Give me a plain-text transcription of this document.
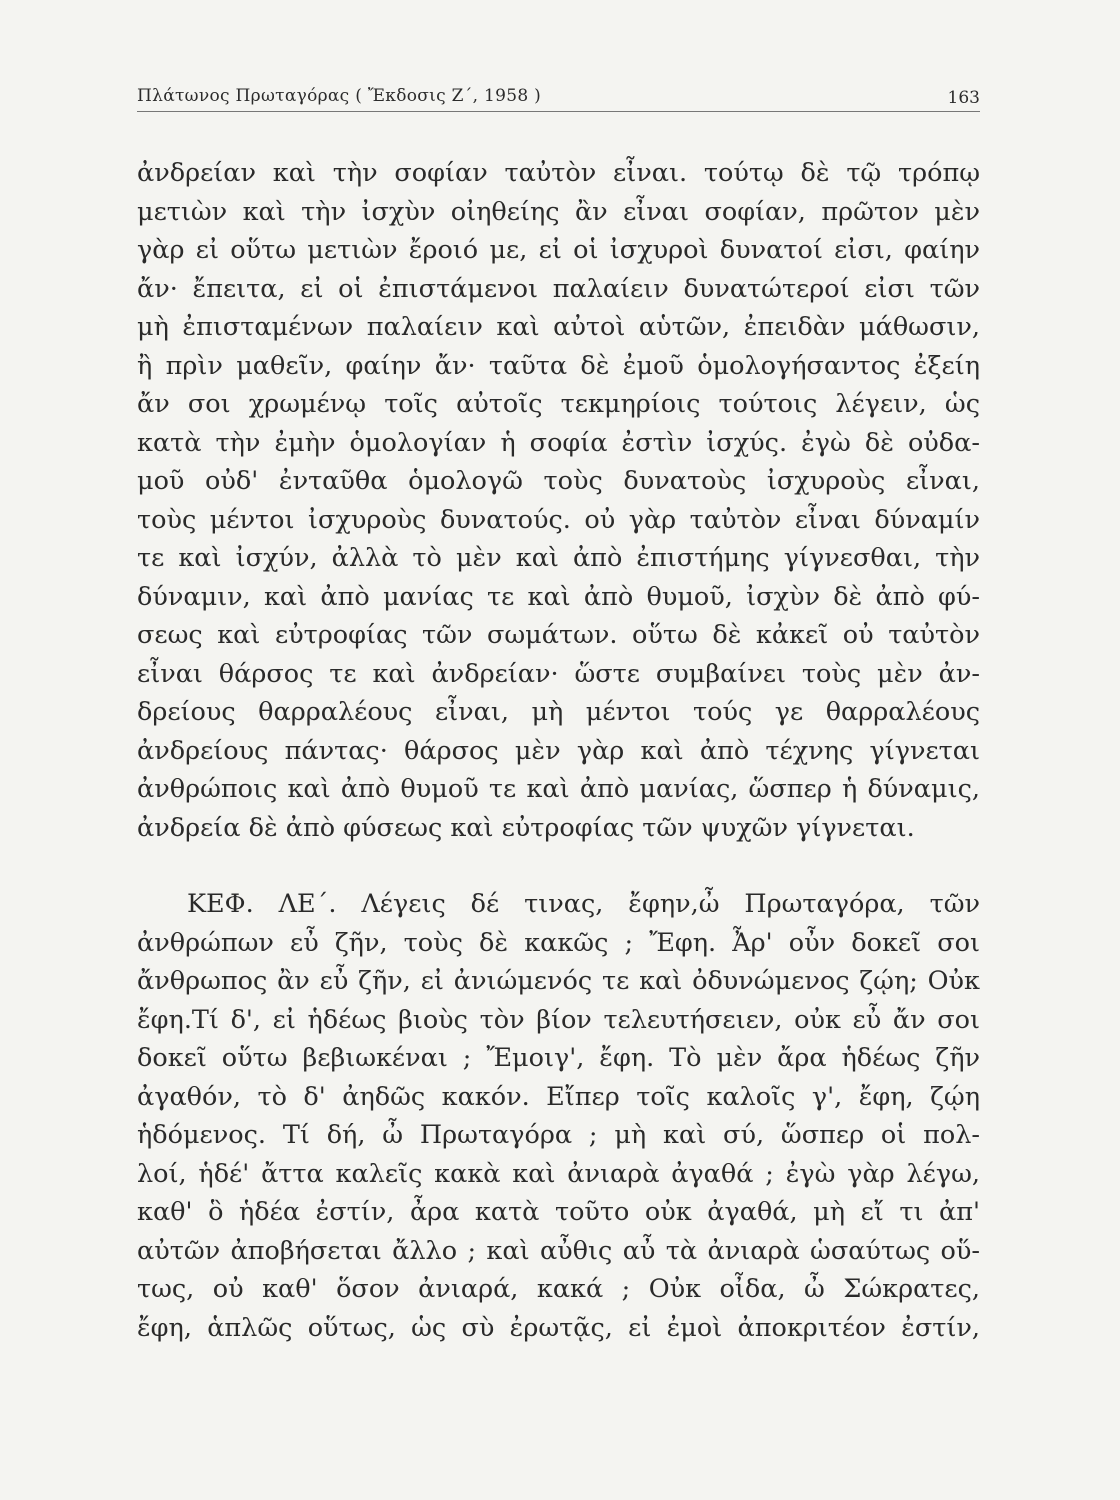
Πλάτωνος Πρωταγόρας ( Ἔκδοσις Ζ΄, 1958 )	163
ἀνδρείαν καὶ τὴν σοφίαν ταὐτὸν εἶναι. τούτῳ δὲ τῷ τρόπῳ
μετιὼν καὶ τὴν ἰσχὺν οἰηθείης ἂν εἶναι σοφίαν, πρῶτον μὲν
γὰρ εἰ οὕτω μετιὼν ἔροιό με, εἰ οἱ ἰσχυροὶ δυνατοί εἰσι, φαίην
ἄν· ἔπειτα, εἰ οἱ ἐπιστάμενοι παλαίειν δυνατώτεροί εἰσι τῶν
μὴ ἐπισταμένων παλαίειν καὶ αὐτοὶ αὑτῶν, ἐπειδὰν μάθωσιν,
ἢ πρὶν μαθεῖν, φαίην ἄν· ταῦτα δὲ ἐμοῦ ὁμολογήσαντος ἐξείη
ἄν σοι χρωμένῳ τοῖς αὐτοῖς τεκμηρίοις τούτοις λέγειν, ὡς
κατὰ τὴν ἐμὴν ὁμολογίαν ἡ σοφία ἐστὶν ἰσχύς. ἐγὼ δὲ οὐδα-
μοῦ οὐδ' ἐνταῦθα ὁμολογῶ τοὺς δυνατοὺς ἰσχυροὺς εἶναι,
τοὺς μέντοι ἰσχυροὺς δυνατούς. οὐ γὰρ ταὐτὸν εἶναι δύναμίν
τε καὶ ἰσχύν, ἀλλὰ τὸ μὲν καὶ ἀπὸ ἐπιστήμης γίγνεσθαι, τὴν
δύναμιν, καὶ ἀπὸ μανίας τε καὶ ἀπὸ θυμοῦ, ἰσχὺν δὲ ἀπὸ φύ-
σεως καὶ εὐτροφίας τῶν σωμάτων. οὕτω δὲ κἀκεῖ οὐ ταὐτὸν
εἶναι θάρσος τε καὶ ἀνδρείαν· ὥστε συμβαίνει τοὺς μὲν ἀν-
δρείους θαρραλέους εἶναι, μὴ μέντοι τούς γε θαρραλέους
ἀνδρείους πάντας· θάρσος μὲν γὰρ καὶ ἀπὸ τέχνης γίγνεται
ἀνθρώποις καὶ ἀπὸ θυμοῦ τε καὶ ἀπὸ μανίας, ὥσπερ ἡ δύναμις,
ἀνδρεία δὲ ἀπὸ φύσεως καὶ εὐτροφίας τῶν ψυχῶν γίγνεται.
ΚΕΦ. ΛΕ΄. Λέγεις δέ τινας, ἔφην,ὦ Πρωταγόρα, τῶν
ἀνθρώπων εὖ ζῆν, τοὺς δὲ κακῶς ; Ἔφη. Ἆρ' οὖν δοκεῖ σοι
ἄνθρωπος ἂν εὖ ζῆν, εἰ ἀνιώμενός τε καὶ ὀδυνώμενος ζῴη; Οὐκ
ἔφη.Τί δ', εἰ ἡδέως βιοὺς τὸν βίον τελευτήσειεν, οὐκ εὖ ἄν σοι
δοκεῖ οὕτω βεβιωκέναι ; Ἔμοιγ', ἔφη. Τὸ μὲν ἄρα ἡδέως ζῆν
ἀγαθόν, τὸ δ' ἀηδῶς κακόν. Εἴπερ τοῖς καλοῖς γ', ἔφη, ζῴη
ἡδόμενος. Τί δή, ὦ Πρωταγόρα ; μὴ καὶ σύ, ὥσπερ οἱ πολ-
λοί, ἡδέ' ἄττα καλεῖς κακὰ καὶ ἀνιαρὰ ἀγαθά ; ἐγὼ γὰρ λέγω,
καθ' ὃ ἡδέα ἐστίν, ἆρα κατὰ τοῦτο οὐκ ἀγαθά, μὴ εἴ τι ἀπ'
αὐτῶν ἀποβήσεται ἄλλο ; καὶ αὖθις αὖ τὰ ἀνιαρὰ ὡσαύτως οὕ-
τως, οὐ καθ' ὅσον ἀνιαρά, κακά ; Οὐκ οἶδα, ὦ Σώκρατες,
ἔφη, ἁπλῶς οὕτως, ὡς σὺ ἐρωτᾷς, εἰ ἐμοὶ ἀποκριτέον ἐστίν,
